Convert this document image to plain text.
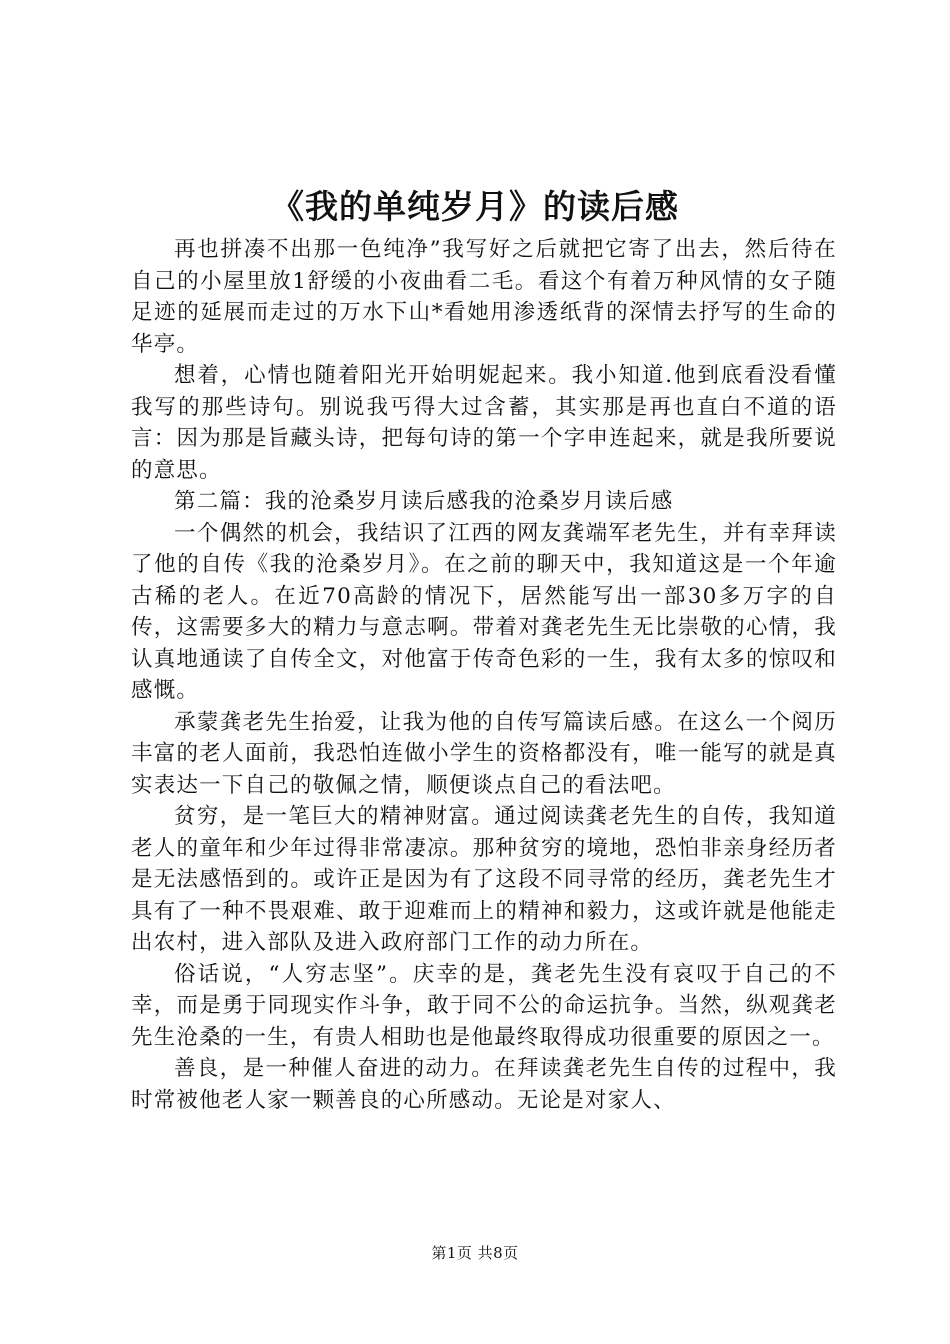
《我的单纯岁月》的读后感

再也拼凑不出那一色纯净”我写好之后就把它寄了出去，然后待在自己的小屋里放1舒缓的小夜曲看二毛。看这个有着万种风情的女子随足迹的延展而走过的万水下山*看她用渗透纸背的深情去抒写的生命的华亭。

想着，心情也随着阳光开始明妮起来。我小知道.他到底看没看懂我写的那些诗句。别说我丐得大过含蓄，其实那是再也直白不道的语言：因为那是旨藏头诗，把每句诗的第一个字申连起来，就是我所要说的意思。

第二篇：我的沧桑岁月读后感我的沧桑岁月读后感

一个偶然的机会，我结识了江西的网友龚端军老先生，并有幸拜读了他的自传《我的沧桑岁月》。在之前的聊天中，我知道这是一个年逾古稀的老人。在近70高龄的情况下，居然能写出一部30多万字的自传，这需要多大的精力与意志啊。带着对龚老先生无比崇敬的心情，我认真地通读了自传全文，对他富于传奇色彩的一生，我有太多的惊叹和感慨。

承蒙龚老先生抬爱，让我为他的自传写篇读后感。在这么一个阅历丰富的老人面前，我恐怕连做小学生的资格都没有，唯一能写的就是真实表达一下自己的敬佩之情，顺便谈点自己的看法吧。

贫穷，是一笔巨大的精神财富。通过阅读龚老先生的自传，我知道老人的童年和少年过得非常凄凉。那种贫穷的境地，恐怕非亲身经历者是无法感悟到的。或许正是因为有了这段不同寻常的经历，龚老先生才具有了一种不畏艰难、敢于迎难而上的精神和毅力，这或许就是他能走出农村，进入部队及进入政府部门工作的动力所在。

俗话说，“人穷志坚”。庆幸的是，龚老先生没有哀叹于自己的不幸，而是勇于同现实作斗争，敢于同不公的命运抗争。当然，纵观龚老先生沧桑的一生，有贵人相助也是他最终取得成功很重要的原因之一。

善良，是一种催人奋进的动力。在拜读龚老先生自传的过程中，我时常被他老人家一颗善良的心所感动。无论是对家人、

第1页 共8页
